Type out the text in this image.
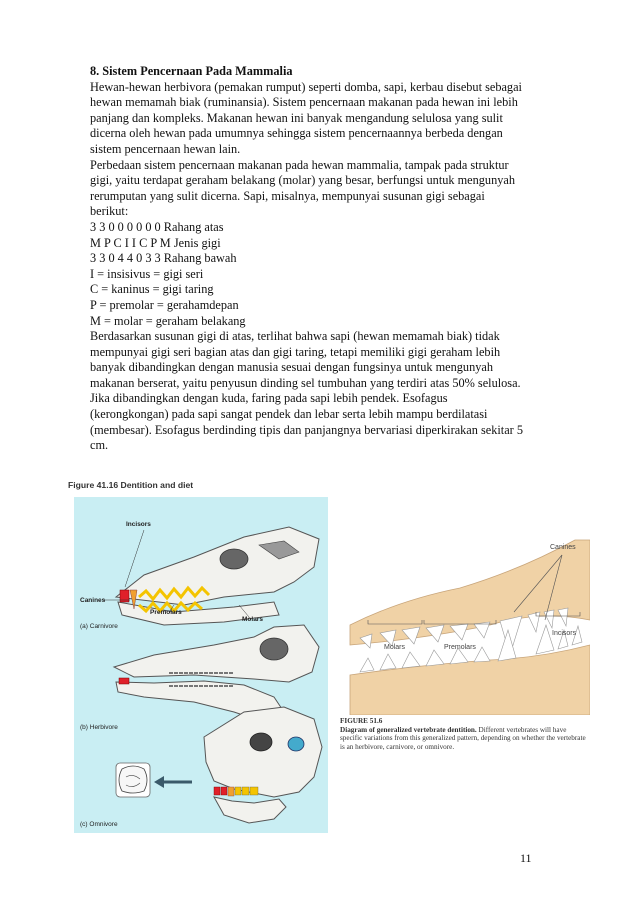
8. Sistem Pencernaan Pada Mammalia

Hewan-hewan herbivora (pemakan rumput) seperti domba, sapi, kerbau disebut sebagai

hewan memamah biak (ruminansia). Sistem pencernaan makanan pada hewan ini lebih

panjang dan kompleks. Makanan hewan ini banyak mengandung selulosa yang sulit

dicerna oleh hewan pada umumnya sehingga sistem pencernaannya berbeda dengan

sistem pencernaan hewan lain.

Perbedaan sistem pencernaan makanan pada hewan mammalia, tampak pada struktur

gigi, yaitu terdapat geraham belakang (molar) yang besar, berfungsi untuk mengunyah

rerumputan yang sulit dicerna. Sapi, misalnya, mempunyai susunan gigi sebagai

berikut:

3 3 0 0 0 0 0 0 Rahang atas

M P C I I C P M Jenis gigi

3 3 0 4 4 0 3 3 Rahang bawah

I = insisivus = gigi seri

C = kaninus = gigi taring

P = premolar = gerahamdepan

M = molar = geraham belakang

Berdasarkan susunan gigi di atas, terlihat bahwa sapi (hewan memamah biak) tidak

mempunyai gigi seri bagian atas dan gigi taring, tetapi memiliki gigi geraham lebih

banyak dibandingkan dengan manusia sesuai dengan fungsinya untuk mengunyah

makanan berserat, yaitu penyusun dinding sel tumbuhan yang terdiri atas 50% selulosa.

Jika dibandingkan dengan kuda, faring pada sapi lebih pendek. Esofagus

(kerongkongan) pada sapi sangat pendek dan lebar serta lebih mampu berdilatasi

(membesar). Esofagus berdinding tipis dan panjangnya bervariasi diperkirakan sekitar 5

cm.

Figure 41.16 Dentition and diet
Incisors
Canines
Premolars
Molars
(a) Carnivore
(b) Herbivore
(c) Omnivore
Canines
Incisors
Molars	Premolars
FIGURE 51.6
Diagram of generalized vertebrate dentition. Different vertebrates will have specific variations from this generalized pattern, depending on whether the vertebrate is an herbivore, carnivore, or omnivore.
11
